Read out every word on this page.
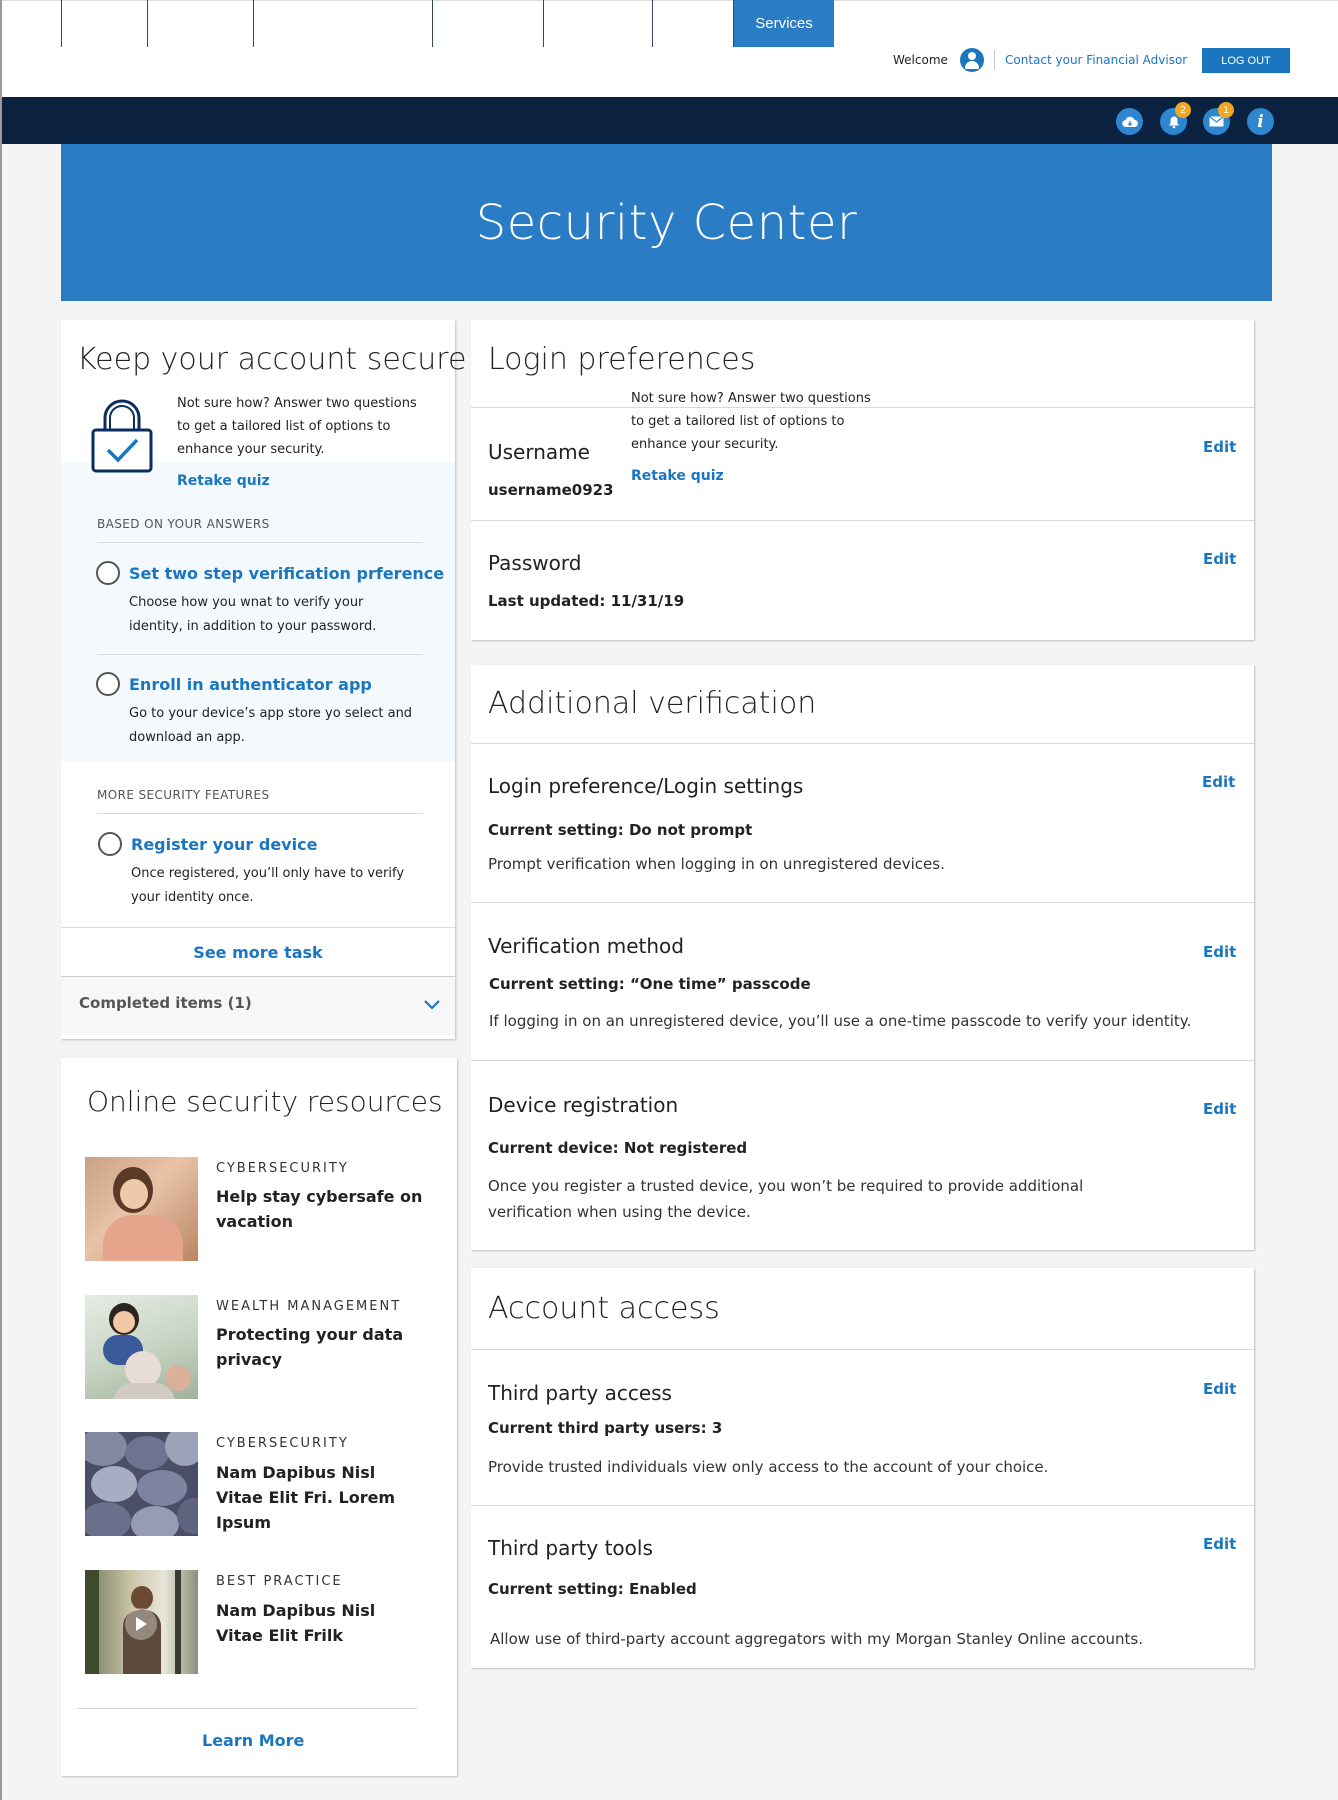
Welcome	Contact your Financial Advisor	LOG OUT
Home	Accounts	Markets + Research	Payments	Transfers	Trade	Services
2	1
i
Security Center
Keep your account secure
Not sure how? Answer two questions to get a tailored list of options to enhance your security.
Retake quiz
BASED ON YOUR ANSWERS
Set two step verification prference
Choose how you wnat to verify your identity, in addition to your password.
Enroll in authenticator app
Go to your device’s app store yo select and download an app.
MORE SECURITY FEATURES
Register your device
Once registered, you’ll only have to verify your identity once.
See more task
Completed items (1)
Online security resources
CYBERSECURITY
Help stay cybersafe on vacation
WEALTH MANAGEMENT
Protecting your data privacy
CYBERSECURITY
Nam Dapibus Nisl Vitae Elit Fri. Lorem Ipsum
BEST PRACTICE
Nam Dapibus Nisl Vitae Elit Frilk
Learn More
Login preferences
Username
username0923
Not sure how? Answer two questions to get a tailored list of options to enhance your security.
Retake quiz
Edit
Password
Last updated: 11/31/19
Edit
Additional verification
Login preference/Login settings
Current setting: Do not prompt
Prompt verification when logging in on unregistered devices.
Edit
Verification method
Current setting: “One time” passcode
If logging in on an unregistered device, you’ll use a one-time passcode to verify your identity.
Edit
Device registration
Current device: Not registered
Once you register a trusted device, you won’t be required to provide additional verification when using the device.
Edit
Account access
Third party access
Current third party users: 3
Provide trusted individuals view only access to the account of your choice.
Edit
Third party tools
Current setting: Enabled
Allow use of third-party account aggregators with my Morgan Stanley Online accounts.
Edit
